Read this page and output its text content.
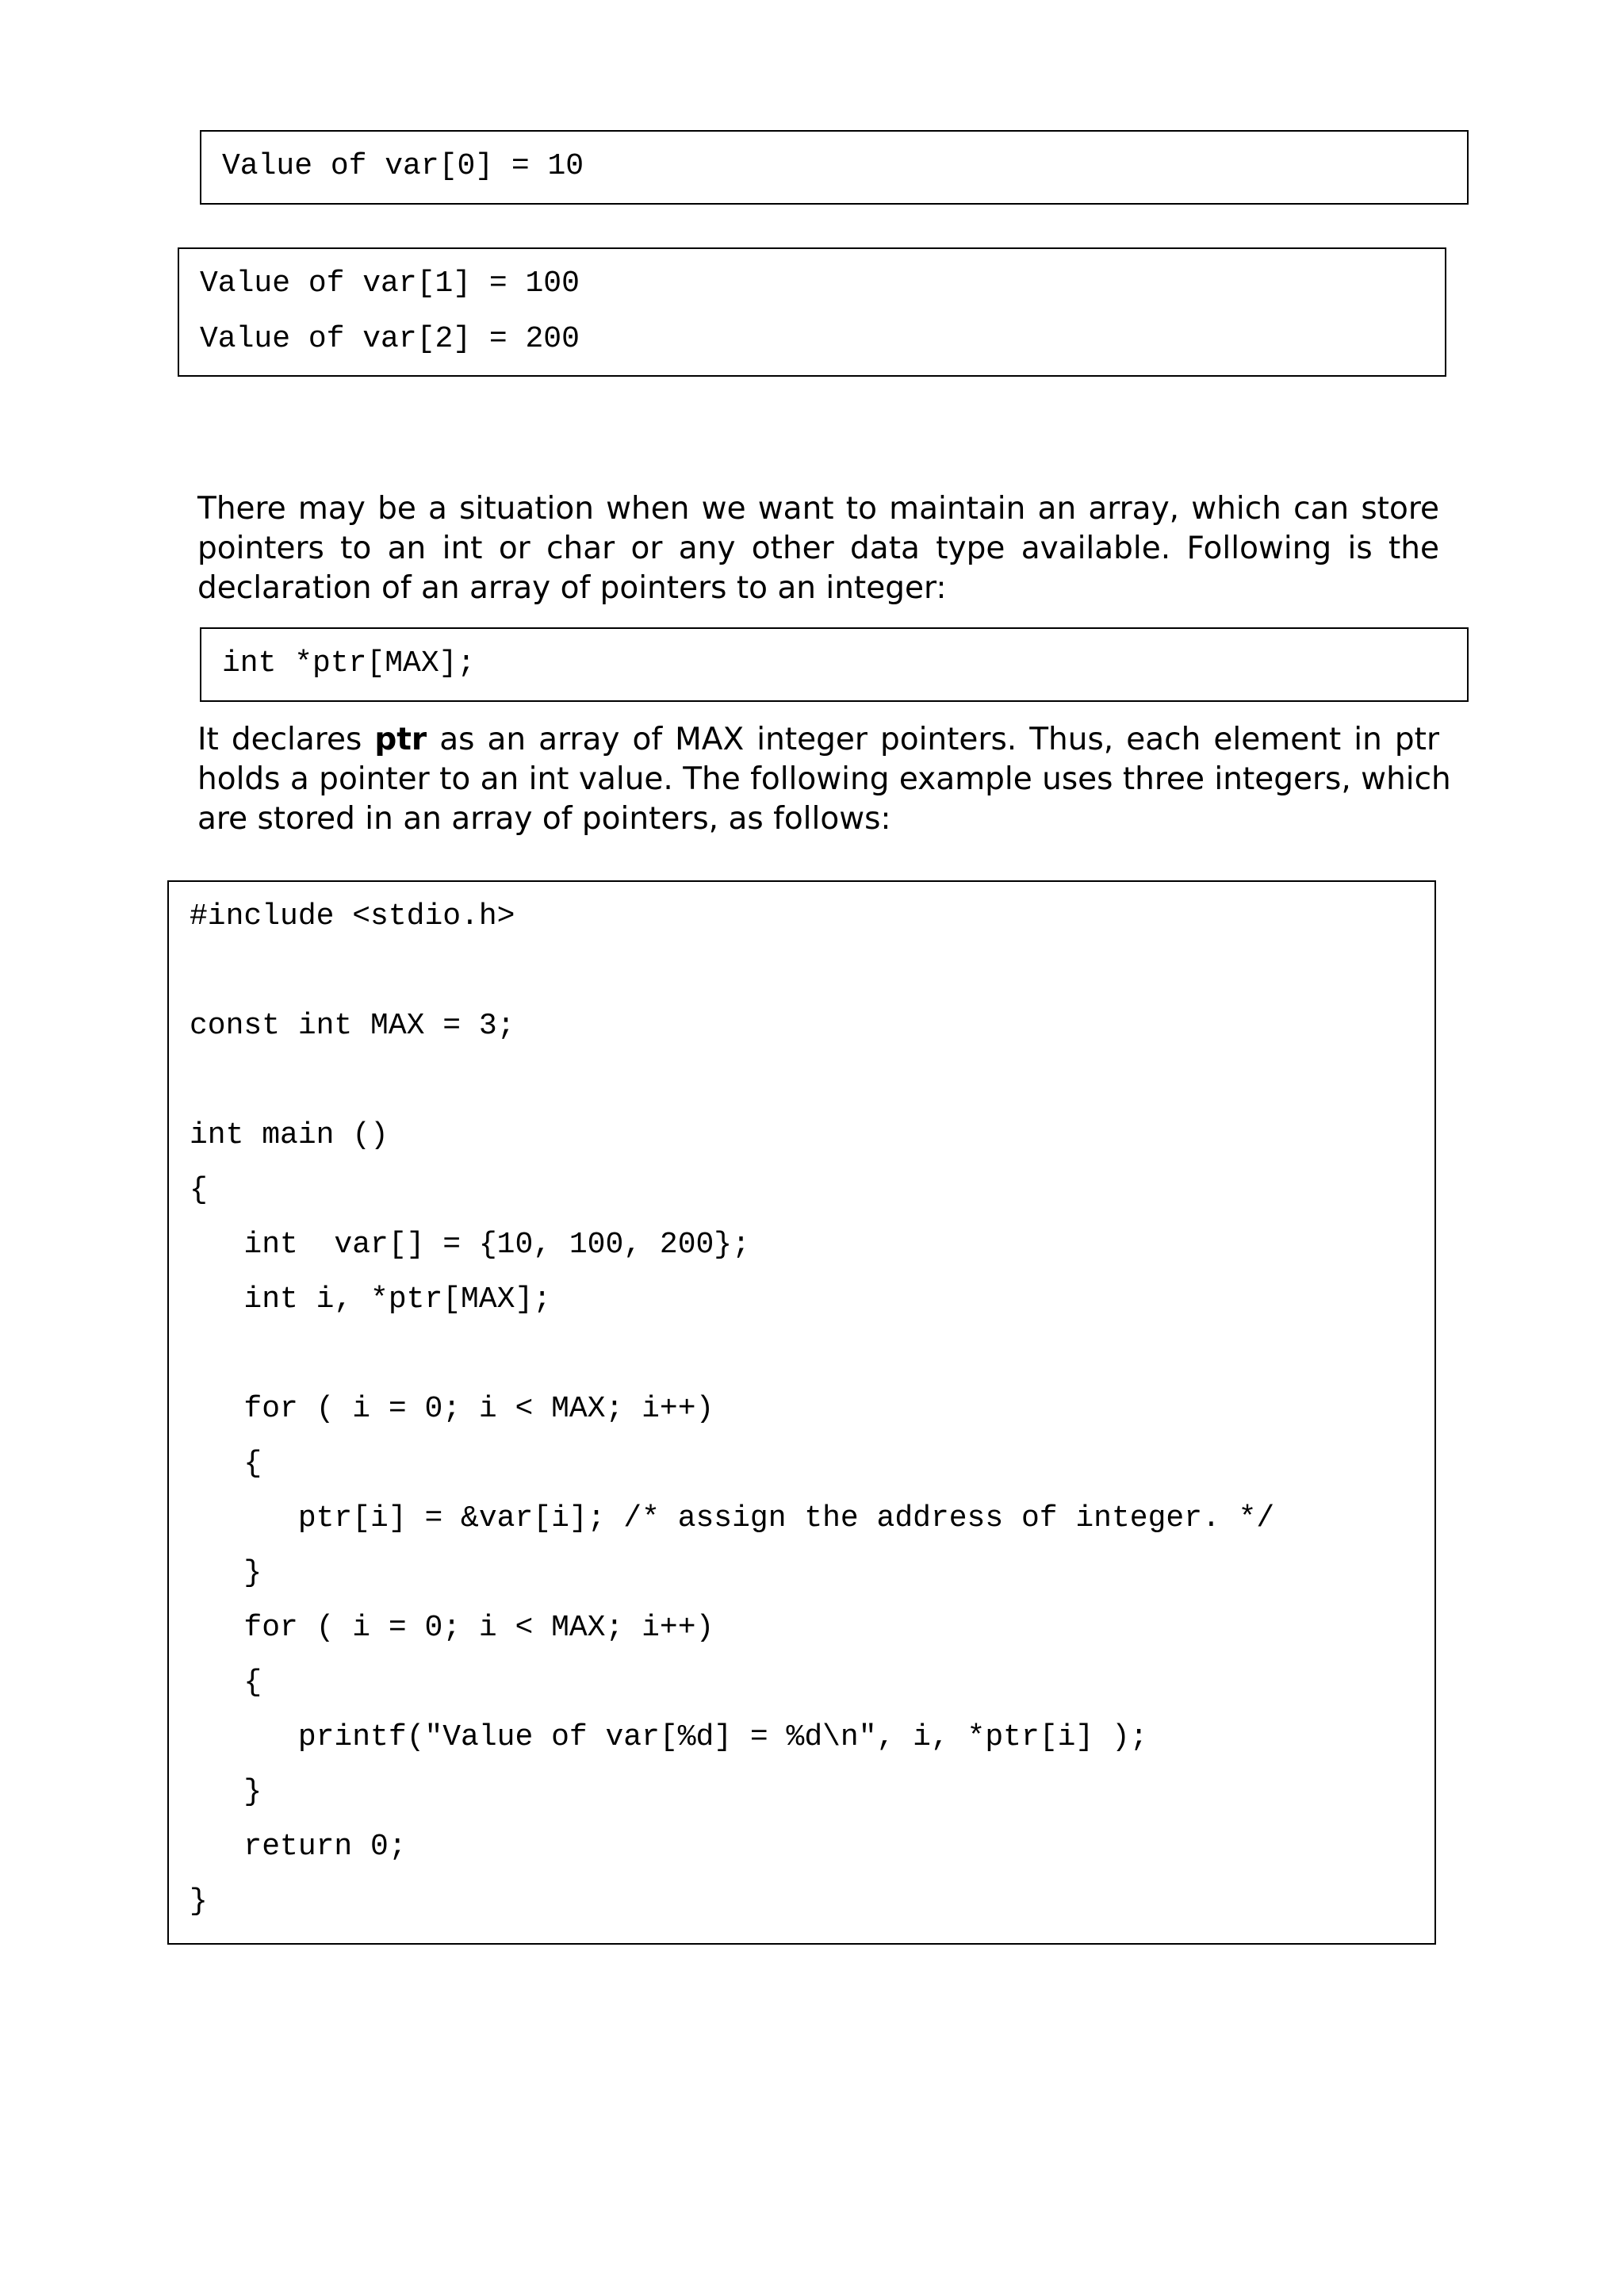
Value of var[0] = 10
Value of var[1] = 100
Value of var[2] = 200
There may be a situation when we want to maintain an array, which can store
pointers to an int or char or any other data type available. Following is the
declaration of an array of pointers to an integer:
int *ptr[MAX];
It declares ptr as an array of MAX integer pointers. Thus, each element in ptr
holds a pointer to an int value. The following example uses three integers, which
are stored in an array of pointers, as follows:
#include <stdio.h>
const int MAX = 3;
int main ()
{
int  var[] = {10, 100, 200};
int i, *ptr[MAX];
for ( i = 0; i < MAX; i++)
{
ptr[i] = &var[i]; /* assign the address of integer. */
}
for ( i = 0; i < MAX; i++)
{
printf("Value of var[%d] = %d\n", i, *ptr[i] );
}
return 0;
}
